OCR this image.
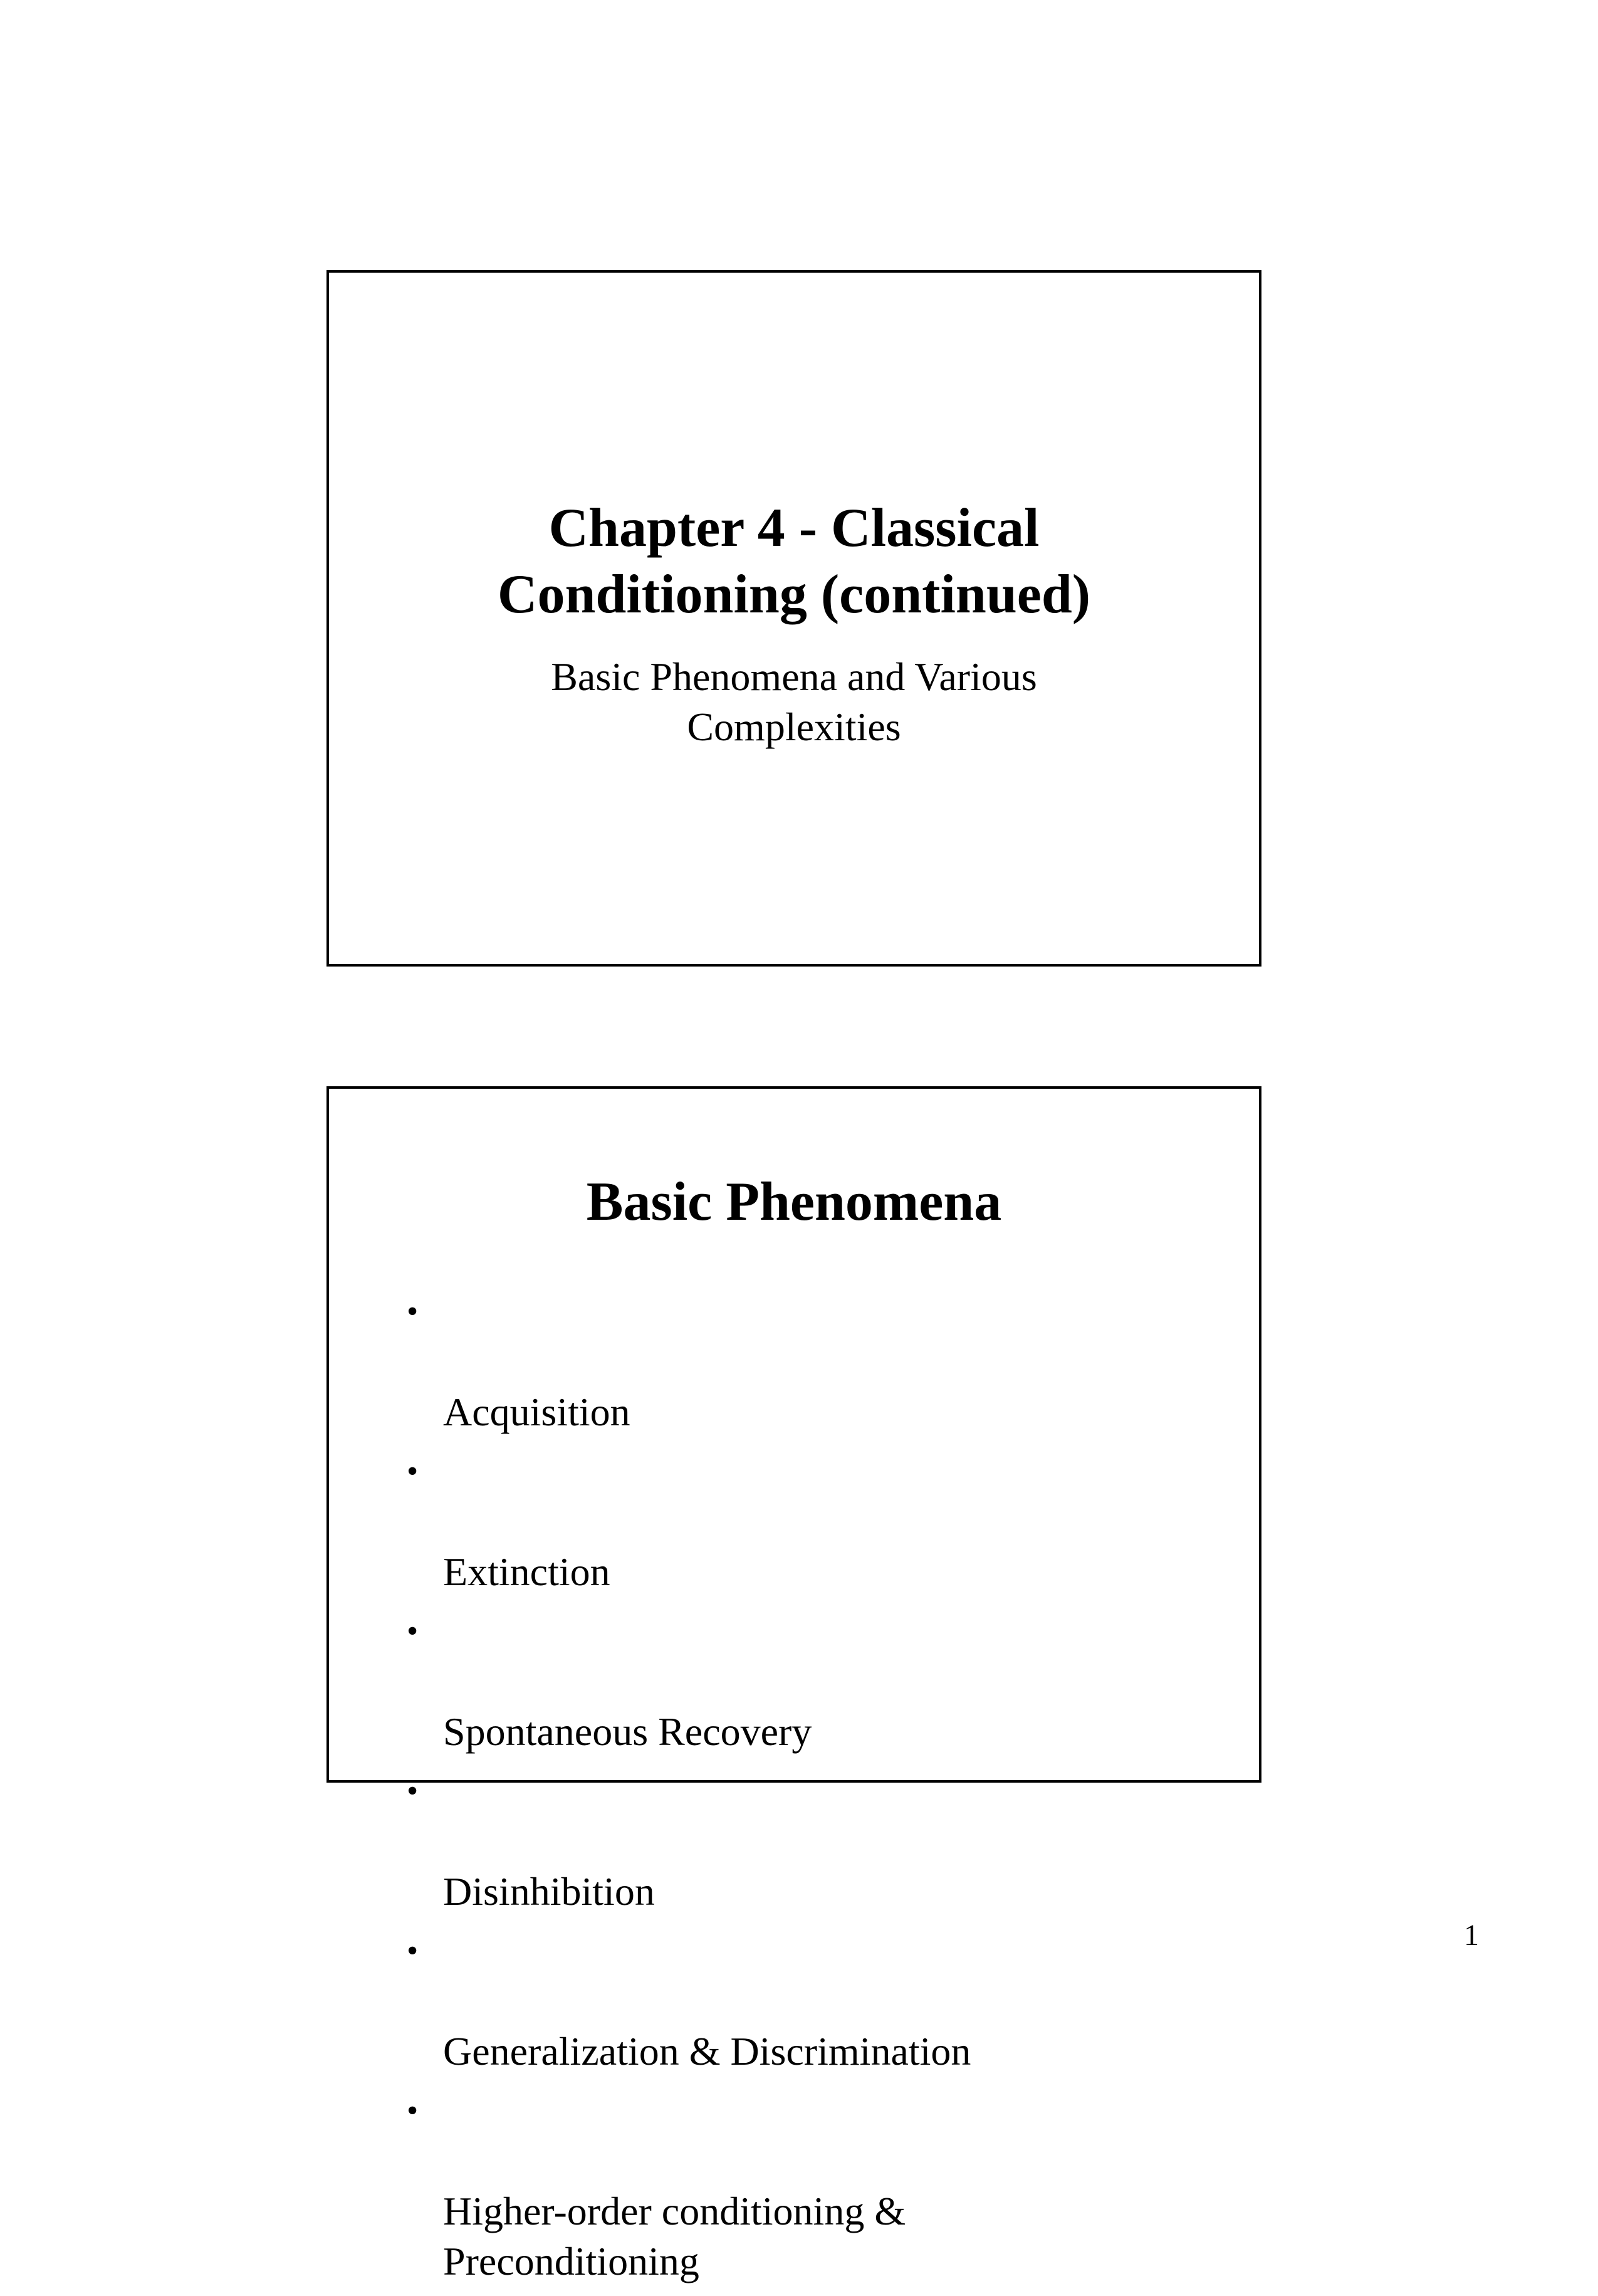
Chapter 4 - Classical
Conditioning (continued)

Basic Phenomena and Various
Complexities

Basic Phenomena

•

Acquisition

•

Extinction

•

Spontaneous Recovery

•

Disinhibition

•

Generalization & Discrimination

•

Higher-order conditioning &
Preconditioning

1
